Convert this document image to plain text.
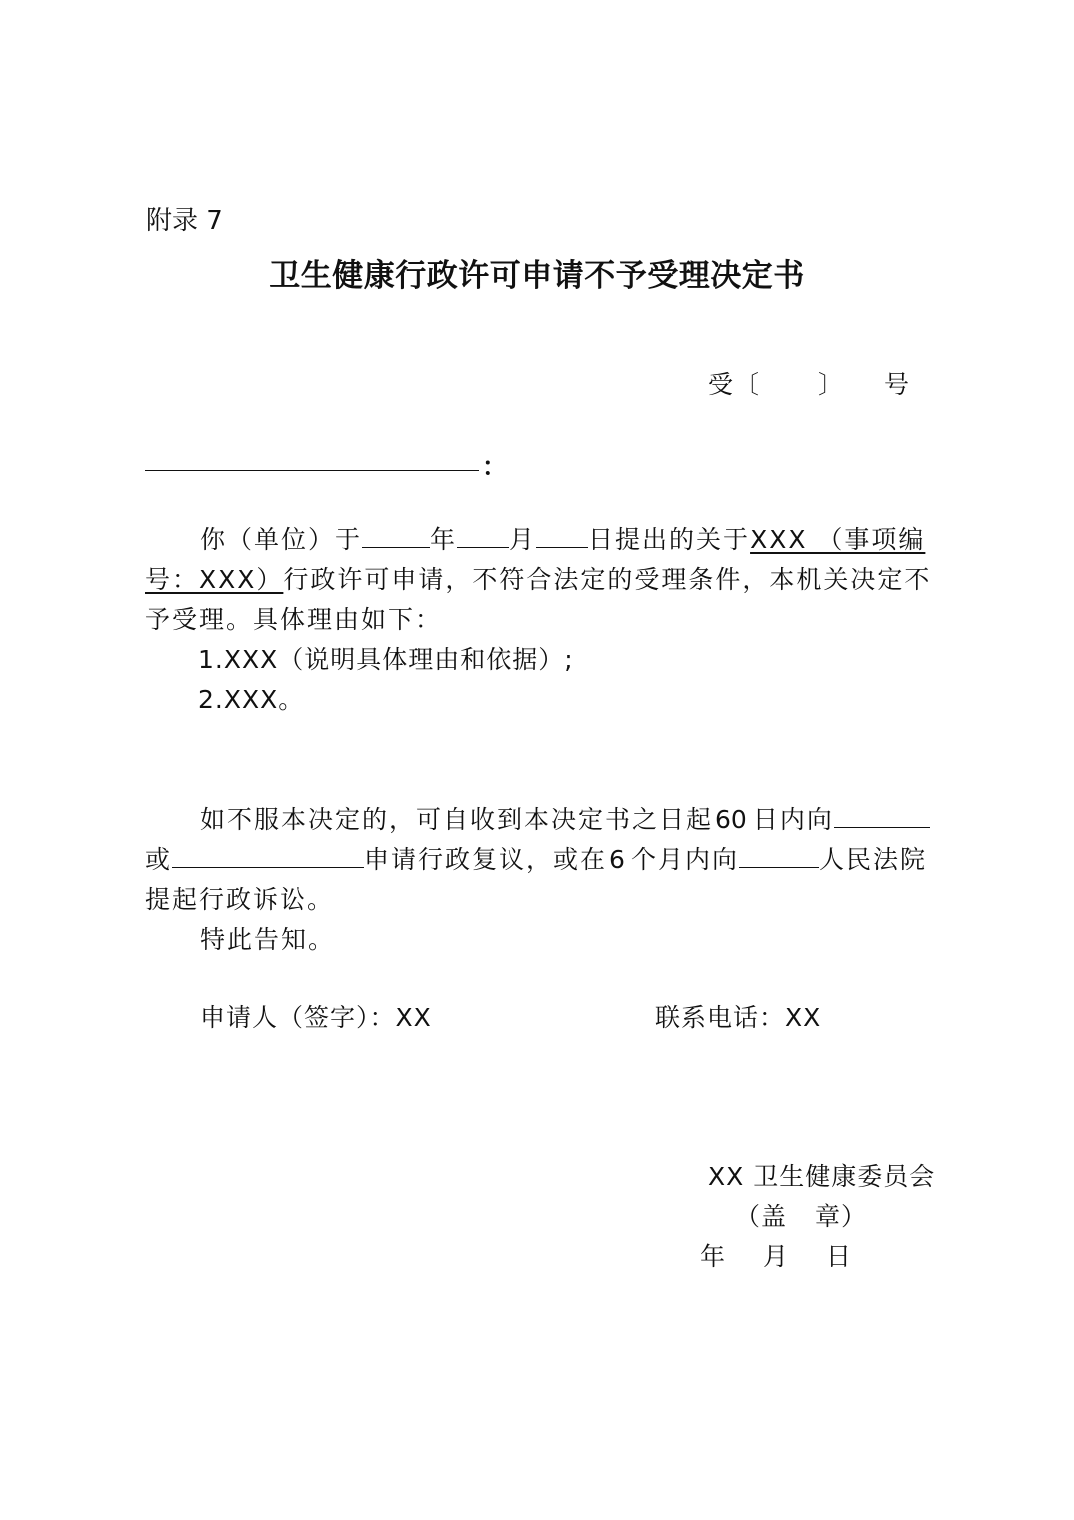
附录 7
卫生健康行政许可申请不予受理决定书
受〔 〕 号
：
你（单位）于	年 月 日提出的关于XXX （事项编
号：XXX）行政许可申请，不符合法定的受理条件，本机关决定不
予受理。具体理由如下：
1.XXX（说明具体理由和依据）;
2.XXX。
如不服本决定的，可自收到本决定书之日起60 日内向
或	申请行政复议，或在6 个月内向	人民法院
提起行政诉讼。
特此告知。
申请人（签字）：XX	联系电话：XX
XX 卫生健康委员会
（盖 章）
年 月 日
